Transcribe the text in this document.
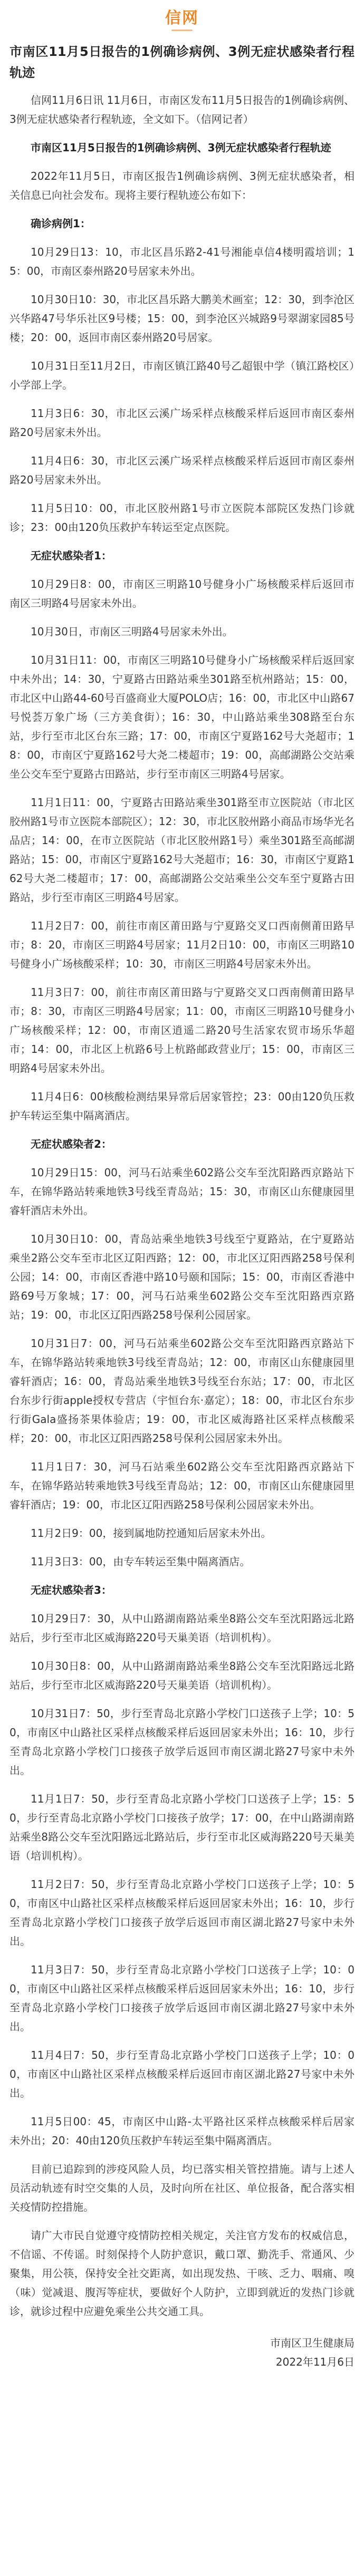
信网
市南区11月5日报告的1例确诊病例、3例无症状感染者行程轨迹

信网11月6日讯 11月6日，市南区发布11月5日报告的1例确诊病例、3例无症状感染者行程轨迹，全文如下。（信网记者）

市南区11月5日报告的1例确诊病例、3例无症状感染者行程轨迹

2022年11月5日，市南区报告1例确诊病例、3例无症状感染者，相关信息已向社会发布。现将主要行程轨迹公布如下：

确诊病例1：

10月29日13：10，市北区昌乐路2-41号湘能卓信4楼明霞培训；15：00，市南区泰州路20号居家未外出。

10月30日10：30，市北区昌乐路大鹏美术画室；12：30，到李沧区兴华路47号华乐社区9号楼；15：00，到李沧区兴城路9号翠湖家园85号楼；20：00，返回市南区泰州路20号居家。

10月31日至11月2日，市南区镇江路40号乙超银中学（镇江路校区）小学部上学。

11月3日6：30，市北区云溪广场采样点核酸采样后返回市南区泰州路20号居家未外出。

11月4日6：30，市北区云溪广场采样点核酸采样后返回市南区泰州路20号居家未外出。

11月5日10：00，市北区胶州路1号市立医院本部院区发热门诊就诊；23：00由120负压救护车转运至定点医院。

无症状感染者1：

10月29日8：00，市南区三明路10号健身小广场核酸采样后返回市南区三明路4号居家未外出。

10月30日，市南区三明路4号居家未外出。

10月31日11：00，市南区三明路10号健身小广场核酸采样后返回家中未外出；14：30，宁夏路古田路站乘坐301路至杭州路站；15：00，市北区中山路44-60号百盛商业大厦POLO店；16：00，市北区中山路67号悦荟万象广场（三方美食街）；16：30，中山路站乘坐308路至台东站，步行至市北区台东三路；17：00，市南区宁夏路162号大尧超市；18：00，市南区宁夏路162号大尧二楼超市；19：00，高邮湖路公交站乘坐公交车至宁夏路古田路站，步行至市南区三明路4号居家。

11月1日11：00，宁夏路古田路站乘坐301路至市立医院站（市北区胶州路1号市立医院本部院区）；12：30，市北区胶州路小商品市场华光名品店；14：00，在市立医院站（市北区胶州路1号）乘坐301路至高邮湖路站；15：00，市南区宁夏路162号大尧超市；16：30，市南区宁夏路162号大尧二楼超市；17：00，高邮湖路公交站乘坐公交车至宁夏路古田路站，步行至市南区三明路4号居家。

11月2日7：00，前往市南区莆田路与宁夏路交叉口西南侧莆田路早市；8：20，市南区三明路4号居家；11月2日10：00，市南区三明路10号健身小广场核酸采样；10：30，市南区三明路4号居家未外出。

11月3日7：00，前往市南区莆田路与宁夏路交叉口西南侧莆田路早市；8：30，市南区三明路4号居家；11：00，市南区三明路10号健身小广场核酸采样；12：00，市南区逍遥二路20号生活家农贸市场乐华超市；14：00，市北区上杭路6号上杭路邮政营业厅；15：00，市南区三明路4号居家未外出。

11月4日6：00核酸检测结果异常后居家管控；23：00由120负压救护车转运至集中隔离酒店。

无症状感染者2：

10月29日15：00，河马石站乘坐602路公交车至沈阳路西京路站下车，在锦华路站转乘地铁3号线至青岛站；15：30，市南区山东健康园里睿轩酒店未外出。

10月30日10：00，青岛站乘坐地铁3号线至宁夏路站，在宁夏路站乘坐2路公交车至市北区辽阳西路；12：00，市北区辽阳西路258号保利公园；14：00，市南区香港中路10号颐和国际；15：00，市南区香港中路69号万象城；17：00，河马石站乘坐602路公交车至沈阳路西京路站；19：00，市北区辽阳西路258号保利公园居家。

10月31日7：00，河马石站乘坐602路公交车至沈阳路西京路站下车，在锦华路站转乘地铁3号线至青岛站；12：00，市南区山东健康园里睿轩酒店；16：00，青岛站乘坐地铁3号线至台东站；17：00，市北区台东步行街apple授权专营店（宇恒台东·嘉定）；18：00，市北区台东步行街Gala盛扬茶果体验店；19：00，市北区威海路社区采样点核酸采样；20：00，市北区辽阳西路258号保利公园居家未外出。

11月1日7：30，河马石站乘坐602路公交车至沈阳路西京路站下车，在锦华路站转乘地铁3号线至青岛站；12：00，市南区山东健康园里睿轩酒店；19：00，市北区辽阳西路258号保利公园居家未外出。

11月2日9：00，接到属地防控通知后居家未外出。

11月3日3：00，由专车转运至集中隔离酒店。

无症状感染者3：

10月29日7：30，从中山路湖南路站乘坐8路公交车至沈阳路远北路站后，步行至市北区威海路220号天巢美语（培训机构）。

10月30日8：00，从中山路湖南路站乘坐8路公交车至沈阳路远北路站后，步行至市北区威海路220号天巢美语（培训机构）。

10月31日7：50，步行至青岛北京路小学校门口送孩子上学；10：50，市南区中山路社区采样点核酸采样后返回居家未外出；16：10，步行至青岛北京路小学校门口接孩子放学后返回市南区湖北路27号家中未外出。

11月1日7：50，步行至青岛北京路小学校门口送孩子上学；15：50，步行至青岛北京路小学校门口接孩子放学；17：00，在中山路湖南路站乘坐8路公交车至沈阳路远北路站后，步行至市北区威海路220号天巢美语（培训机构）。

11月2日7：50，步行至青岛北京路小学校门口送孩子上学；10：50，市南区中山路社区采样点核酸采样后返回居家未外出；16：10，步行至青岛北京路小学校门口接孩子放学后返回市南区湖北路27号家中未外出。

11月3日7：50，步行至青岛北京路小学校门口送孩子上学；10：00，市南区中山路社区采样点核酸采样后返回居家未外出；16：10，步行至青岛北京路小学校门口接孩子放学后返回市南区湖北路27号家中未外出。

11月4日7：50，步行至青岛北京路小学校门口送孩子上学；10：00，市南区中山路社区采样点核酸采样后返回市南区湖北路27号家中未外出。

11月5日00：45，市南区中山路-太平路社区采样点核酸采样后居家未外出；20：40由120负压救护车转运至集中隔离酒店。

目前已追踪到的涉疫风险人员，均已落实相关管控措施。请与上述人员活动轨迹有时空交集的人员，及时向所在社区、单位报备，配合落实相关疫情防控措施。

请广大市民自觉遵守疫情防控相关规定，关注官方发布的权威信息，不信谣、不传谣。时刻保持个人防护意识，戴口罩、勤洗手、常通风、少聚集，用公筷，保持安全社交距离，如出现发热、干咳、乏力、咽痛、嗅（味）觉减退、腹泻等症状，要做好个人防护，立即到就近的发热门诊就诊，就诊过程中应避免乘坐公共交通工具。

市南区卫生健康局
2022年11月6日
